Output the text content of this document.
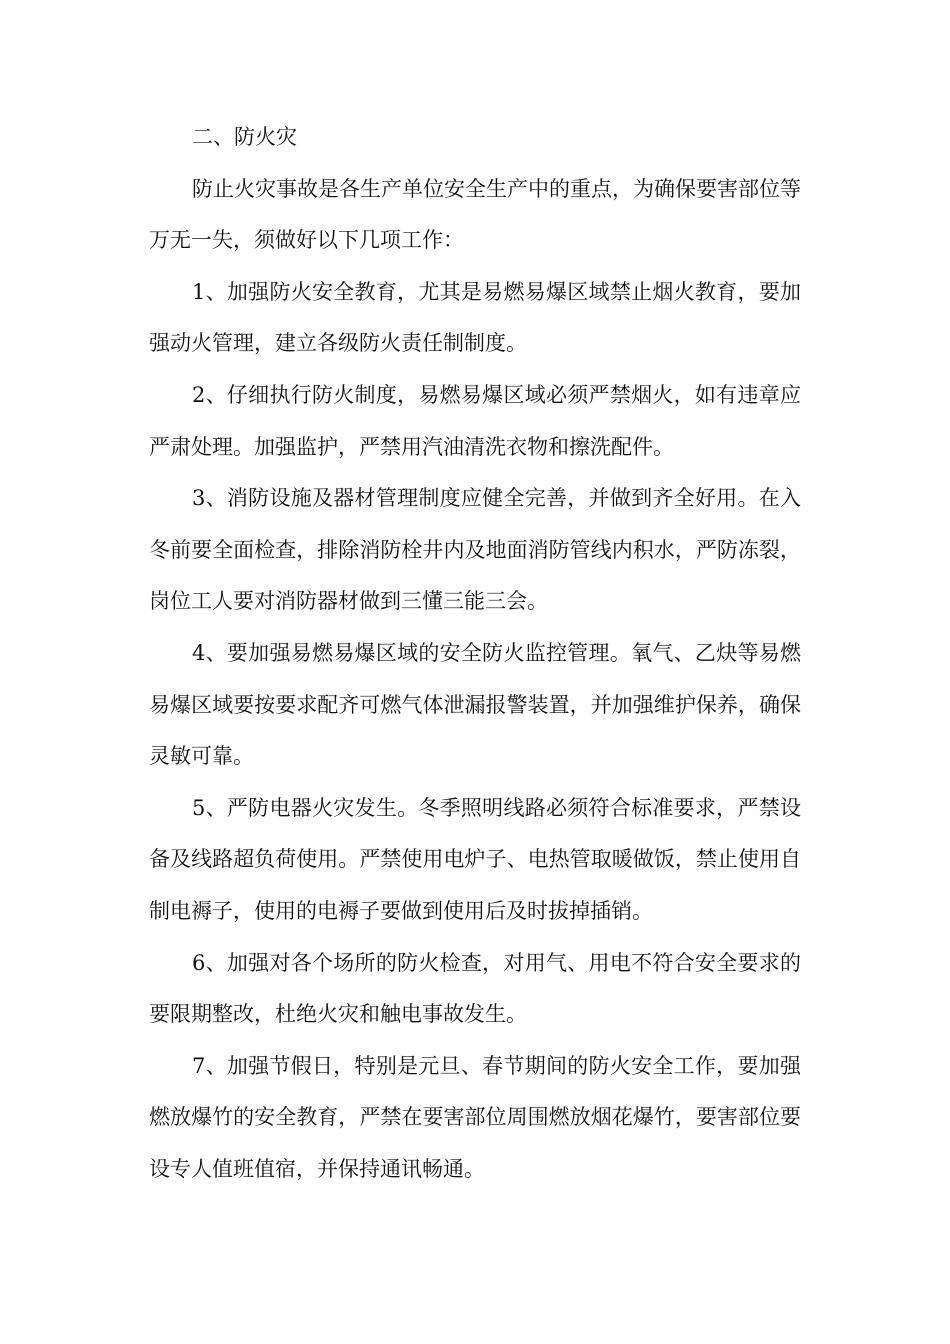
二、防火灾

防止火灾事故是各生产单位安全生产中的重点，为确保要害部位等万无一失，须做好以下几项工作：

1、加强防火安全教育，尤其是易燃易爆区域禁止烟火教育，要加强动火管理，建立各级防火责任制制度。

2、仔细执行防火制度，易燃易爆区域必须严禁烟火，如有违章应严肃处理。加强监护，严禁用汽油清洗衣物和擦洗配件。

3、消防设施及器材管理制度应健全完善，并做到齐全好用。在入冬前要全面检查，排除消防栓井内及地面消防管线内积水，严防冻裂，岗位工人要对消防器材做到三懂三能三会。

4、要加强易燃易爆区域的安全防火监控管理。氧气、乙炔等易燃易爆区域要按要求配齐可燃气体泄漏报警装置，并加强维护保养，确保灵敏可靠。

5、严防电器火灾发生。冬季照明线路必须符合标准要求，严禁设备及线路超负荷使用。严禁使用电炉子、电热管取暖做饭，禁止使用自制电褥子，使用的电褥子要做到使用后及时拔掉插销。

6、加强对各个场所的防火检查，对用气、用电不符合安全要求的要限期整改，杜绝火灾和触电事故发生。

7、加强节假日，特别是元旦、春节期间的防火安全工作，要加强燃放爆竹的安全教育，严禁在要害部位周围燃放烟花爆竹，要害部位要设专人值班值宿，并保持通讯畅通。
